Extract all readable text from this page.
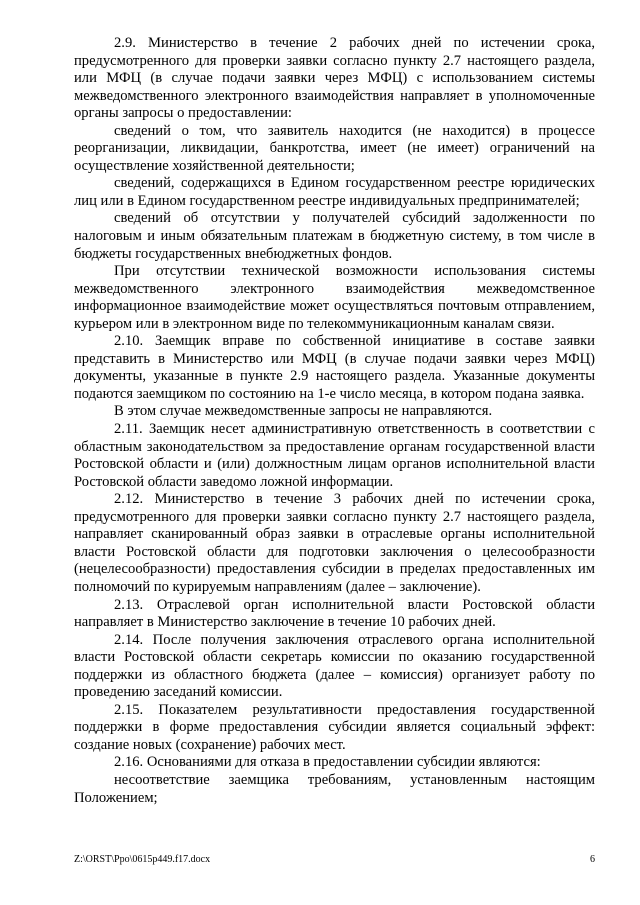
2.9. Министерство в течение 2 рабочих дней по истечении срока, предусмотренного для проверки заявки согласно пункту 2.7 настоящего раздела, или МФЦ (в случае подачи заявки через МФЦ) с использованием системы межведомственного электронного взаимодействия направляет в уполномоченные органы запросы о предоставлении:

сведений о том, что заявитель находится (не находится) в процессе реорганизации, ликвидации, банкротства, имеет (не имеет) ограничений на осуществление хозяйственной деятельности;

сведений, содержащихся в Едином государственном реестре юридических лиц или в Едином государственном реестре индивидуальных предпринимателей;

сведений об отсутствии у получателей субсидий задолженности по налоговым и иным обязательным платежам в бюджетную систему, в том числе в бюджеты государственных внебюджетных фондов.

При отсутствии технической возможности использования системы межведомственного электронного взаимодействия межведомственное информационное взаимодействие может осуществляться почтовым отправлением, курьером или в электронном виде по телекоммуникационным каналам связи.

2.10. Заемщик вправе по собственной инициативе в составе заявки представить в Министерство или МФЦ (в случае подачи заявки через МФЦ) документы, указанные в пункте 2.9 настоящего раздела. Указанные документы подаются заемщиком по состоянию на 1-е число месяца, в котором подана заявка.

В этом случае межведомственные запросы не направляются.

2.11. Заемщик несет административную ответственность в соответствии с областным законодательством за предоставление органам государственной власти Ростовской области и (или) должностным лицам органов исполнительной власти Ростовской области заведомо ложной информации.

2.12. Министерство в течение 3 рабочих дней по истечении срока, предусмотренного для проверки заявки согласно пункту 2.7 настоящего раздела, направляет сканированный образ заявки в отраслевые органы исполнительной власти Ростовской области для подготовки заключения о целесообразности (нецелесообразности) предоставления субсидии в пределах предоставленных им полномочий по курируемым направлениям (далее – заключение).

2.13. Отраслевой орган исполнительной власти Ростовской области направляет в Министерство заключение в течение 10 рабочих дней.

2.14. После получения заключения отраслевого органа исполнительной власти Ростовской области секретарь комиссии по оказанию государственной поддержки из областного бюджета (далее – комиссия) организует работу по проведению заседаний комиссии.

2.15. Показателем результативности предоставления государственной поддержки в форме предоставления субсидии является социальный эффект: создание новых (сохранение) рабочих мест.

2.16. Основаниями для отказа в предоставлении субсидии являются:

несоответствие заемщика требованиям, установленным настоящим Положением;

Z:\ORST\Ppo\0615p449.f17.docx	6
